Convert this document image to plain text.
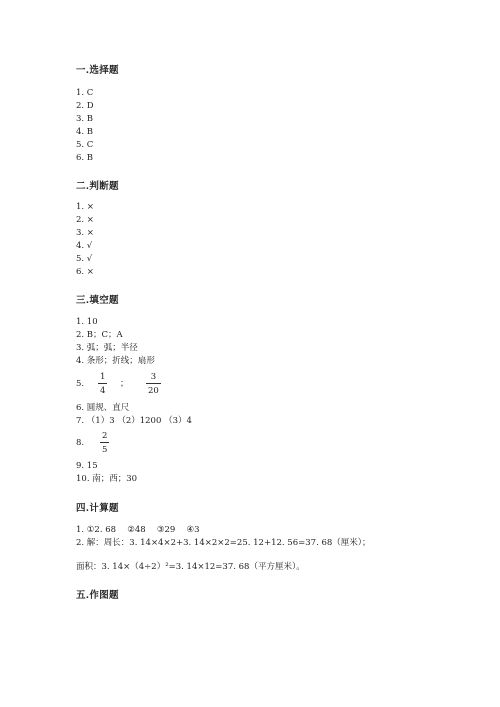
一.选择题
1. C
2. D
3. B
4. B
5. C
6. B
二.判断题
1. ×
2. ×
3. ×
4. √
5. √
6. ×
三.填空题
1. 10
2. B；C；A
3. 弧；弧；半径
4. 条形；折线；扇形
5.
1
4
；
3
20
6. 圆规、直尺
7. （1）3 （2）1200 （3）4
8.
2
5
9. 15
10. 南；西；30
四.计算题
1. ①2. 68　 ②48　 ③29　 ④3
2. 解：周长：3. 14×4×2+3. 14×2×2=25. 12+12. 56=37. 68（厘米）；
面积：3. 14×（4÷2）²=3. 14×12=37. 68（平方厘米）。
五.作图题
